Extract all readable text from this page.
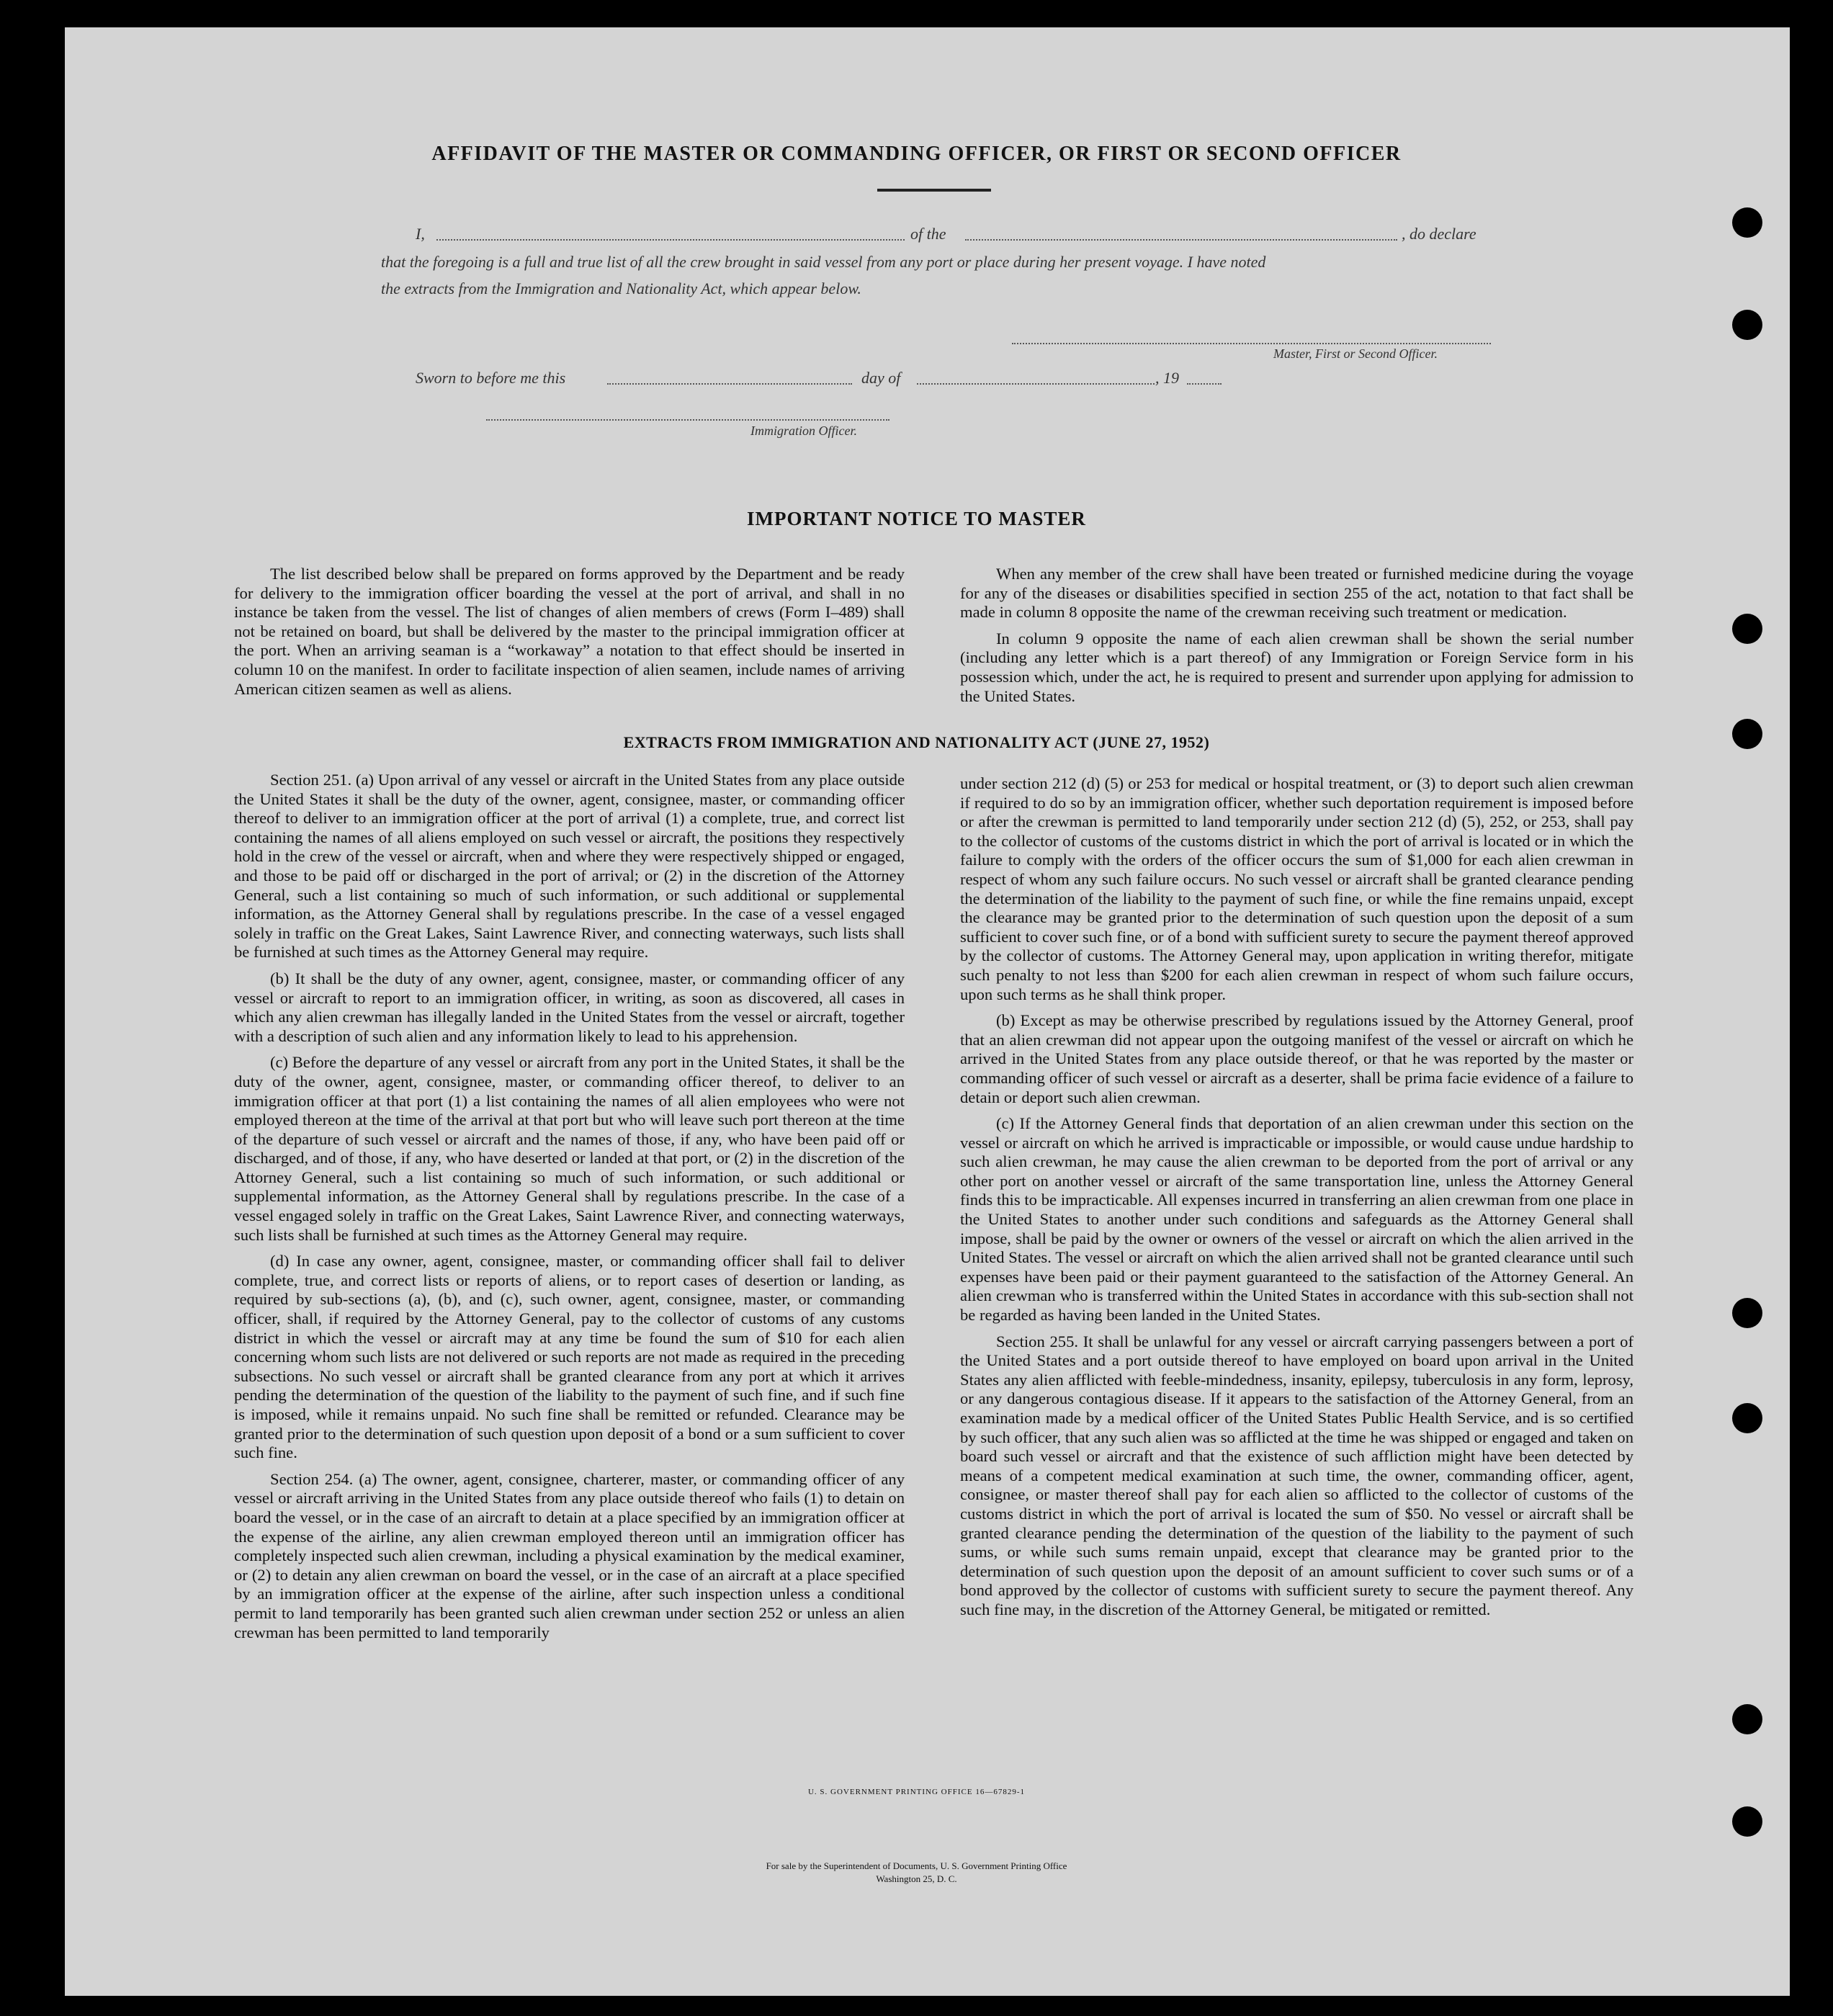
AFFIDAVIT OF THE MASTER OR COMMANDING OFFICER, OR FIRST OR SECOND OFFICER
I,	of the	, do declare
that the foregoing is a full and true list of all the crew brought in said vessel from any port or place during her present voyage. I have noted
the extracts from the Immigration and Nationality Act, which appear below.
Master, First or Second Officer.
Sworn to before me this	day of	, 19
Immigration Officer.
IMPORTANT NOTICE TO MASTER

The list described below shall be prepared on forms approved by the Department and be ready for delivery to the immigration officer boarding the vessel at the port of arrival, and shall in no instance be taken from the vessel. The list of changes of alien members of crews (Form I–489) shall not be retained on board, but shall be delivered by the master to the principal immigration officer at the port. When an arriving seaman is a “workaway” a notation to that effect should be inserted in column 10 on the manifest. In order to facilitate inspection of alien seamen, include names of arriving American citizen seamen as well as aliens.

When any member of the crew shall have been treated or furnished medicine during the voyage for any of the diseases or disabilities specified in section 255 of the act, notation to that fact shall be made in column 8 opposite the name of the crewman receiving such treatment or medication.

In column 9 opposite the name of each alien crewman shall be shown the serial number (including any letter which is a part thereof) of any Immigration or Foreign Service form in his possession which, under the act, he is required to present and surrender upon applying for admission to the United States.

EXTRACTS FROM IMMIGRATION AND NATIONALITY ACT (JUNE 27, 1952)

Section 251. (a) Upon arrival of any vessel or aircraft in the United States from any place outside the United States it shall be the duty of the owner, agent, consignee, master, or commanding officer thereof to deliver to an immigration officer at the port of arrival (1) a complete, true, and correct list containing the names of all aliens employed on such vessel or aircraft, the positions they respectively hold in the crew of the vessel or aircraft, when and where they were respectively shipped or engaged, and those to be paid off or discharged in the port of arrival; or (2) in the discretion of the Attorney General, such a list containing so much of such information, or such additional or supplemental information, as the Attorney General shall by regulations prescribe. In the case of a vessel engaged solely in traffic on the Great Lakes, Saint Lawrence River, and connecting waterways, such lists shall be furnished at such times as the Attorney General may require.

(b) It shall be the duty of any owner, agent, consignee, master, or commanding officer of any vessel or aircraft to report to an immigration officer, in writing, as soon as discovered, all cases in which any alien crewman has illegally landed in the United States from the vessel or aircraft, together with a description of such alien and any information likely to lead to his apprehension.

(c) Before the departure of any vessel or aircraft from any port in the United States, it shall be the duty of the owner, agent, consignee, master, or commanding officer thereof, to deliver to an immigration officer at that port (1) a list containing the names of all alien employees who were not employed thereon at the time of the arrival at that port but who will leave such port thereon at the time of the departure of such vessel or aircraft and the names of those, if any, who have been paid off or discharged, and of those, if any, who have deserted or landed at that port, or (2) in the discretion of the Attorney General, such a list containing so much of such information, or such additional or supplemental information, as the Attorney General shall by regulations prescribe. In the case of a vessel engaged solely in traffic on the Great Lakes, Saint Lawrence River, and connecting waterways, such lists shall be furnished at such times as the Attorney General may require.

(d) In case any owner, agent, consignee, master, or commanding officer shall fail to deliver complete, true, and correct lists or reports of aliens, or to report cases of desertion or landing, as required by sub-sections (a), (b), and (c), such owner, agent, consignee, master, or commanding officer, shall, if required by the Attorney General, pay to the collector of customs of any customs district in which the vessel or aircraft may at any time be found the sum of $10 for each alien concerning whom such lists are not delivered or such reports are not made as required in the preceding subsections. No such vessel or aircraft shall be granted clearance from any port at which it arrives pending the determination of the question of the liability to the payment of such fine, and if such fine is imposed, while it remains unpaid. No such fine shall be remitted or refunded. Clearance may be granted prior to the determination of such question upon deposit of a bond or a sum sufficient to cover such fine.

Section 254. (a) The owner, agent, consignee, charterer, master, or commanding officer of any vessel or aircraft arriving in the United States from any place outside thereof who fails (1) to detain on board the vessel, or in the case of an aircraft to detain at a place specified by an immigration officer at the expense of the airline, any alien crewman employed thereon until an immigration officer has completely inspected such alien crewman, including a physical examination by the medical examiner, or (2) to detain any alien crewman on board the vessel, or in the case of an aircraft at a place specified by an immigration officer at the expense of the airline, after such inspection unless a conditional permit to land temporarily has been granted such alien crewman under section 252 or unless an alien crewman has been permitted to land temporarily

under section 212 (d) (5) or 253 for medical or hospital treatment, or (3) to deport such alien crewman if required to do so by an immigration officer, whether such deportation requirement is imposed before or after the crewman is permitted to land temporarily under section 212 (d) (5), 252, or 253, shall pay to the collector of customs of the customs district in which the port of arrival is located or in which the failure to comply with the orders of the officer occurs the sum of $1,000 for each alien crewman in respect of whom any such failure occurs. No such vessel or aircraft shall be granted clearance pending the determination of the liability to the payment of such fine, or while the fine remains unpaid, except the clearance may be granted prior to the determination of such question upon the deposit of a sum sufficient to cover such fine, or of a bond with sufficient surety to secure the payment thereof approved by the collector of customs. The Attorney General may, upon application in writing therefor, mitigate such penalty to not less than $200 for each alien crewman in respect of whom such failure occurs, upon such terms as he shall think proper.

(b) Except as may be otherwise prescribed by regulations issued by the Attorney General, proof that an alien crewman did not appear upon the outgoing manifest of the vessel or aircraft on which he arrived in the United States from any place outside thereof, or that he was reported by the master or commanding officer of such vessel or aircraft as a deserter, shall be prima facie evidence of a failure to detain or deport such alien crewman.

(c) If the Attorney General finds that deportation of an alien crewman under this section on the vessel or aircraft on which he arrived is impracticable or impossible, or would cause undue hardship to such alien crewman, he may cause the alien crewman to be deported from the port of arrival or any other port on another vessel or aircraft of the same transportation line, unless the Attorney General finds this to be impracticable. All expenses incurred in transferring an alien crewman from one place in the United States to another under such conditions and safeguards as the Attorney General shall impose, shall be paid by the owner or owners of the vessel or aircraft on which the alien arrived in the United States. The vessel or aircraft on which the alien arrived shall not be granted clearance until such expenses have been paid or their payment guaranteed to the satisfaction of the Attorney General. An alien crewman who is transferred within the United States in accordance with this sub-section shall not be regarded as having been landed in the United States.

Section 255. It shall be unlawful for any vessel or aircraft carrying passengers between a port of the United States and a port outside thereof to have employed on board upon arrival in the United States any alien afflicted with feeble-mindedness, insanity, epilepsy, tuberculosis in any form, leprosy, or any dangerous contagious disease. If it appears to the satisfaction of the Attorney General, from an examination made by a medical officer of the United States Public Health Service, and is so certified by such officer, that any such alien was so afflicted at the time he was shipped or engaged and taken on board such vessel or aircraft and that the existence of such affliction might have been detected by means of a competent medical examination at such time, the owner, commanding officer, agent, consignee, or master thereof shall pay for each alien so afflicted to the collector of customs of the customs district in which the port of arrival is located the sum of $50. No vessel or aircraft shall be granted clearance pending the determination of the question of the liability to the payment of such sums, or while such sums remain unpaid, except that clearance may be granted prior to the determination of such question upon the deposit of an amount sufficient to cover such sums or of a bond approved by the collector of customs with sufficient surety to secure the payment thereof. Any such fine may, in the discretion of the Attorney General, be mitigated or remitted.

U. S. GOVERNMENT PRINTING OFFICE 16—67829-1
For sale by the Superintendent of Documents, U. S. Government Printing Office
Washington 25, D. C.
